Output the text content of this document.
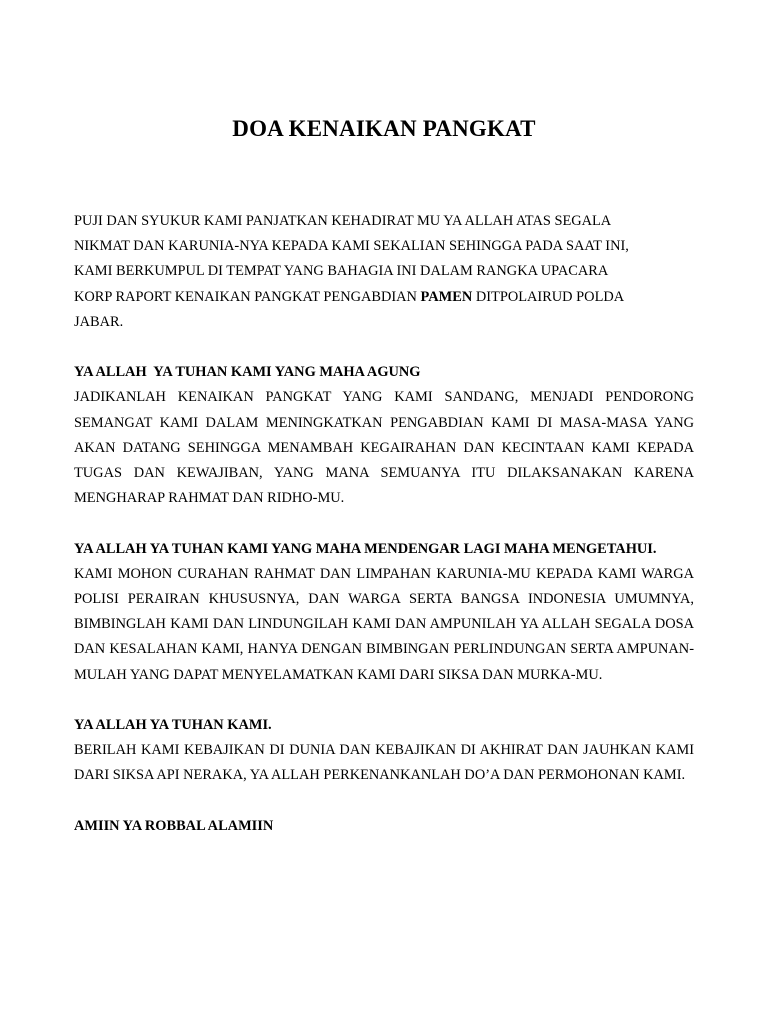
DOA KENAIKAN PANGKAT

PUJI DAN SYUKUR KAMI PANJATKAN KEHADIRAT MU YA ALLAH ATAS SEGALA

NIKMAT DAN KARUNIA-NYA KEPADA KAMI SEKALIAN SEHINGGA PADA SAAT INI,

KAMI BERKUMPUL DI TEMPAT YANG BAHAGIA INI DALAM RANGKA UPACARA

KORP RAPORT KENAIKAN PANGKAT PENGABDIAN PAMEN DITPOLAIRUD POLDA

JABAR.

YA ALLAH  YA TUHAN KAMI YANG MAHA AGUNG

JADIKANLAH KENAIKAN PANGKAT YANG KAMI SANDANG, MENJADI PENDORONG SEMANGAT KAMI DALAM MENINGKATKAN PENGABDIAN KAMI DI MASA-MASA YANG AKAN DATANG SEHINGGA MENAMBAH KEGAIRAHAN DAN KECINTAAN KAMI KEPADA TUGAS DAN KEWAJIBAN, YANG MANA SEMUANYA ITU DILAKSANAKAN KARENA MENGHARAP RAHMAT DAN RIDHO-MU.

YA ALLAH YA TUHAN KAMI YANG MAHA MENDENGAR LAGI MAHA MENGETAHUI.

KAMI MOHON CURAHAN RAHMAT DAN LIMPAHAN KARUNIA-MU KEPADA KAMI WARGA POLISI PERAIRAN KHUSUSNYA, DAN WARGA SERTA BANGSA INDONESIA UMUMNYA, BIMBINGLAH KAMI DAN LINDUNGILAH KAMI DAN AMPUNILAH YA ALLAH SEGALA DOSA DAN KESALAHAN KAMI, HANYA DENGAN BIMBINGAN PERLINDUNGAN SERTA AMPUNAN-MULAH YANG DAPAT MENYELAMATKAN KAMI DARI SIKSA DAN MURKA-MU.

YA ALLAH YA TUHAN KAMI.

BERILAH KAMI KEBAJIKAN DI DUNIA DAN KEBAJIKAN DI AKHIRAT DAN JAUHKAN KAMI DARI SIKSA API NERAKA, YA ALLAH PERKENANKANLAH DO’A DAN PERMOHONAN KAMI.

AMIIN YA ROBBAL ALAMIIN
